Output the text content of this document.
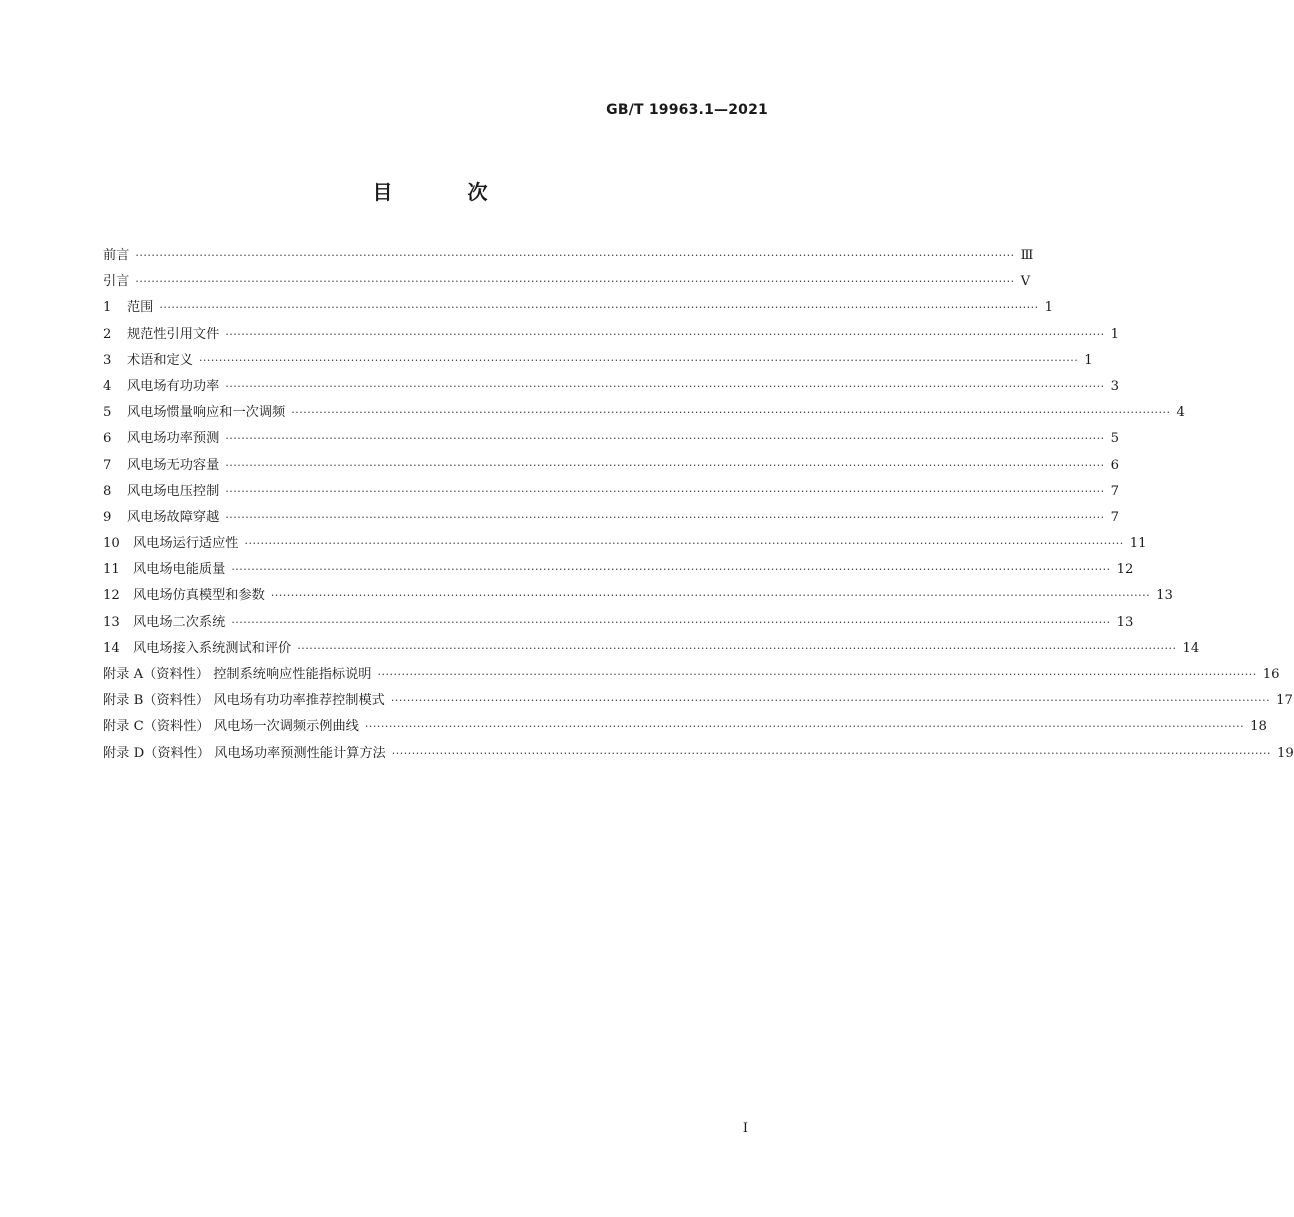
GB/T 19963.1—2021
目 次
前言 ···························································································································································································································· Ⅲ
引言 ···························································································································································································································· Ⅴ
1	范围 ···························································································································································································································· 1
2	规范性引用文件 ···························································································································································································································· 1
3	术语和定义 ···························································································································································································································· 1
4	风电场有功功率 ···························································································································································································································· 3
5	风电场惯量响应和一次调频 ···························································································································································································································· 4
6	风电场功率预测 ···························································································································································································································· 5
7	风电场无功容量 ···························································································································································································································· 6
8	风电场电压控制 ···························································································································································································································· 7
9	风电场故障穿越 ···························································································································································································································· 7
10	风电场运行适应性 ···························································································································································································································· 11
11	风电场电能质量 ···························································································································································································································· 12
12	风电场仿真模型和参数 ···························································································································································································································· 13
13	风电场二次系统 ···························································································································································································································· 13
14	风电场接入系统测试和评价 ···························································································································································································································· 14
附录 A（资料性） 控制系统响应性能指标说明 ···························································································································································································································· 16
附录 B（资料性） 风电场有功功率推荐控制模式 ···························································································································································································································· 17
附录 C（资料性） 风电场一次调频示例曲线 ···························································································································································································································· 18
附录 D（资料性） 风电场功率预测性能计算方法 ···························································································································································································································· 19
Ⅰ
